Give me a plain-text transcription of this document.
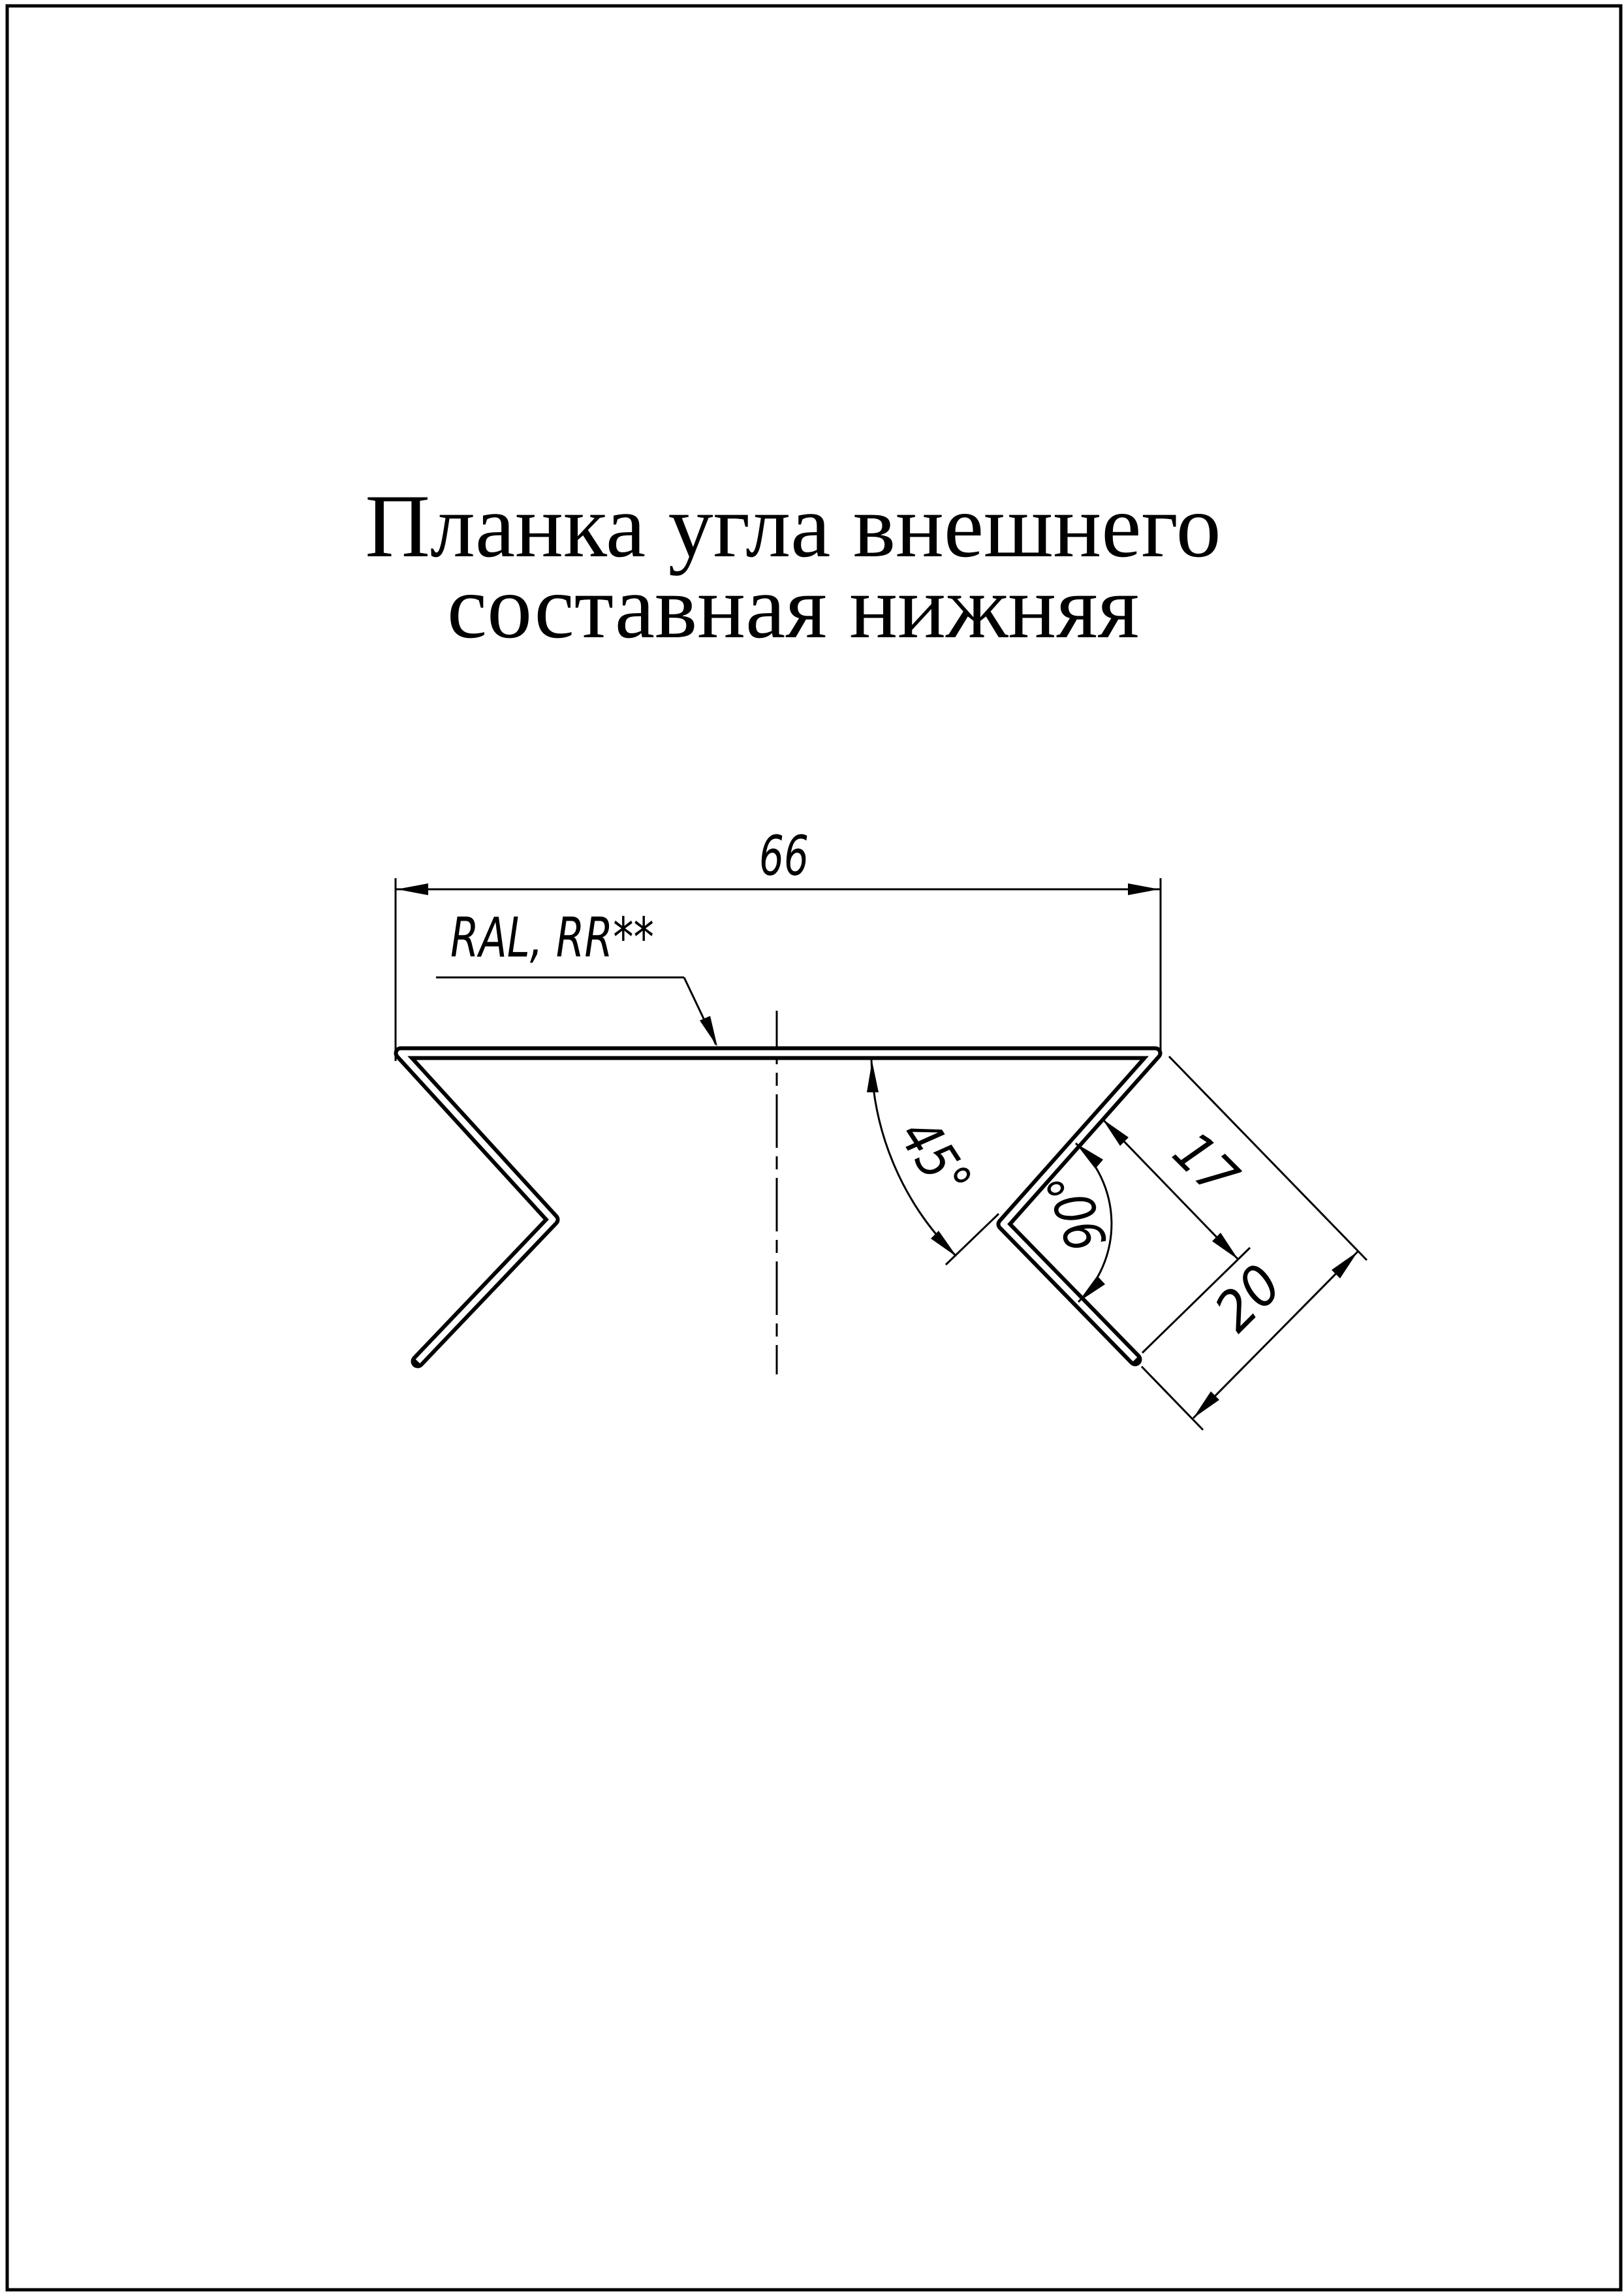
Планка угла внешнего
составная нижняя
66
RAL, RR**
45° 90° 17
20
